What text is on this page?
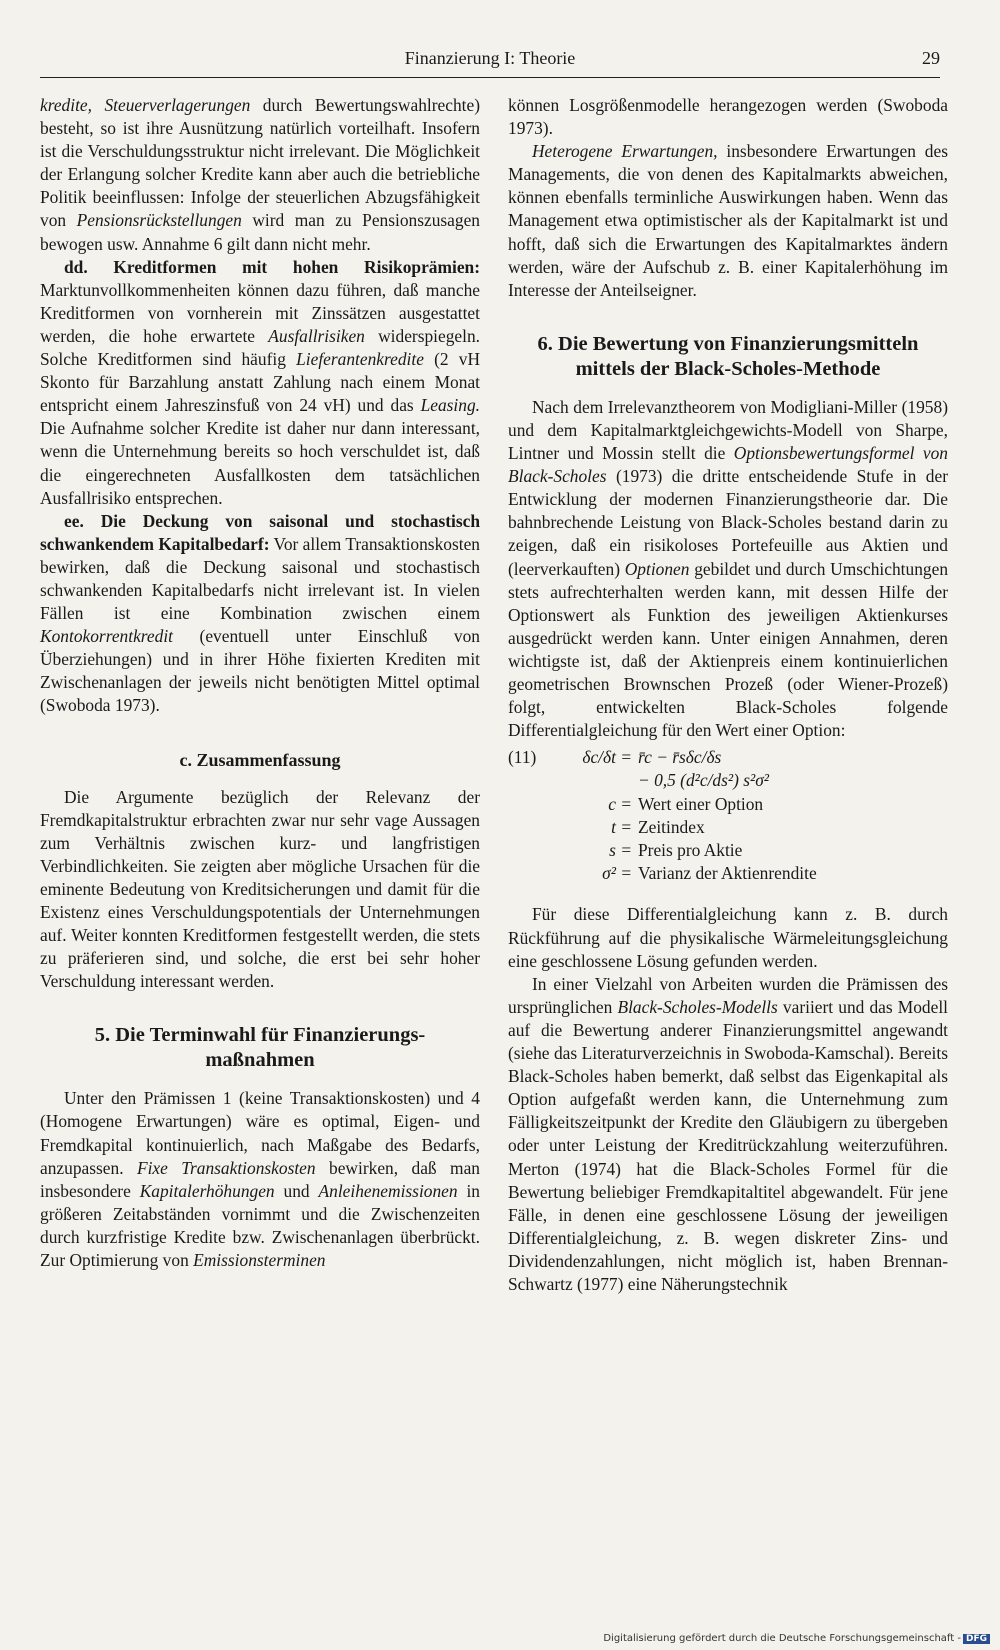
Finanzierung I: Theorie	29

kredite, Steuerverlagerungen durch Bewertungswahlrechte) besteht, so ist ihre Ausnützung natürlich vorteilhaft. Insofern ist die Verschuldungsstruktur nicht irrelevant. Die Möglichkeit der Erlangung solcher Kredite kann aber auch die betriebliche Politik beeinflussen: Infolge der steuerlichen Abzugsfähigkeit von Pensionsrückstellungen wird man zu Pensionszusagen bewogen usw. Annahme 6 gilt dann nicht mehr.

dd. Kreditformen mit hohen Risikoprämien: Marktunvollkommenheiten können dazu führen, daß manche Kreditformen von vornherein mit Zinssätzen ausgestattet werden, die hohe erwartete Ausfallrisiken widerspiegeln. Solche Kreditformen sind häufig Lieferantenkredite (2 vH Skonto für Barzahlung anstatt Zahlung nach einem Monat entspricht einem Jahreszinsfuß von 24 vH) und das Leasing. Die Aufnahme solcher Kredite ist daher nur dann interessant, wenn die Unternehmung bereits so hoch verschuldet ist, daß die eingerechneten Ausfallkosten dem tatsächlichen Ausfallrisiko entsprechen.

ee. Die Deckung von saisonal und stochastisch schwankendem Kapitalbedarf: Vor allem Transaktionskosten bewirken, daß die Deckung saisonal und stochastisch schwankenden Kapitalbedarfs nicht irrelevant ist. In vielen Fällen ist eine Kombination zwischen einem Kontokorrentkredit (eventuell unter Einschluß von Überziehungen) und in ihrer Höhe fixierten Krediten mit Zwischenanlagen der jeweils nicht benötigten Mittel optimal (Swoboda 1973).

c. Zusammenfassung

Die Argumente bezüglich der Relevanz der Fremdkapitalstruktur erbrachten zwar nur sehr vage Aussagen zum Verhältnis zwischen kurz- und langfristigen Verbindlichkeiten. Sie zeigten aber mögliche Ursachen für die eminente Bedeutung von Kreditsicherungen und damit für die Existenz eines Verschuldungspotentials der Unternehmungen auf. Weiter konnten Kreditformen festgestellt werden, die stets zu präferieren sind, und solche, die erst bei sehr hoher Verschuldung interessant werden.

5. Die Terminwahl für Finanzierungs-
maßnahmen

Unter den Prämissen 1 (keine Transaktionskosten) und 4 (Homogene Erwartungen) wäre es optimal, Eigen- und Fremdkapital kontinuierlich, nach Maßgabe des Bedarfs, anzupassen. Fixe Transaktionskosten bewirken, daß man insbesondere Kapitalerhöhungen und Anleihenemissionen in größeren Zeitabständen vornimmt und die Zwischenzeiten durch kurzfristige Kredite bzw. Zwischenanlagen überbrückt. Zur Optimierung von Emissionsterminen

können Losgrößenmodelle herangezogen werden (Swoboda 1973).

Heterogene Erwartungen, insbesondere Erwartungen des Managements, die von denen des Kapitalmarkts abweichen, können ebenfalls terminliche Auswirkungen haben. Wenn das Management etwa optimistischer als der Kapitalmarkt ist und hofft, daß sich die Erwartungen des Kapitalmarktes ändern werden, wäre der Aufschub z. B. einer Kapitalerhöhung im Interesse der Anteilseigner.

6. Die Bewertung von Finanzierungsmitteln
mittels der Black-Scholes-Methode

Nach dem Irrelevanztheorem von Modigliani-Miller (1958) und dem Kapitalmarktgleichgewichts-Modell von Sharpe, Lintner und Mossin stellt die Optionsbewertungsformel von Black-Scholes (1973) die dritte entscheidende Stufe in der Entwicklung der modernen Finanzierungstheorie dar. Die bahnbrechende Leistung von Black-Scholes bestand darin zu zeigen, daß ein risikoloses Portefeuille aus Aktien und (leerverkauften) Optionen gebildet und durch Umschichtungen stets aufrechterhalten werden kann, mit dessen Hilfe der Optionswert als Funktion des jeweiligen Aktienkurses ausgedrückt werden kann. Unter einigen Annahmen, deren wichtigste ist, daß der Aktienpreis einem kontinuierlichen geometrischen Brownschen Prozeß (oder Wiener-Prozeß) folgt, entwickelten Black-Scholes folgende Differentialgleichung für den Wert einer Option:

(11)	δc/δt =	r̄c − r̄sδc/δs
		− 0,5 (d²c/ds²) s²σ²
	c =	Wert einer Option
	t =	Zeitindex
	s =	Preis pro Aktie
	σ² =	Varianz der Aktienrendite

Für diese Differentialgleichung kann z. B. durch Rückführung auf die physikalische Wärmeleitungsgleichung eine geschlossene Lösung gefunden werden.

In einer Vielzahl von Arbeiten wurden die Prämissen des ursprünglichen Black-Scholes-Modells variiert und das Modell auf die Bewertung anderer Finanzierungsmittel angewandt (siehe das Literaturverzeichnis in Swoboda-Kamschal). Bereits Black-Scholes haben bemerkt, daß selbst das Eigenkapital als Option aufgefaßt werden kann, die Unternehmung zum Fälligkeitszeitpunkt der Kredite den Gläubigern zu übergeben oder unter Leistung der Kreditrückzahlung weiterzuführen. Merton (1974) hat die Black-Scholes Formel für die Bewertung beliebiger Fremdkapitaltitel abgewandelt. Für jene Fälle, in denen eine geschlossene Lösung der jeweiligen Differentialgleichung, z. B. wegen diskreter Zins- und Dividendenzahlungen, nicht möglich ist, haben Brennan-Schwartz (1977) eine Näherungstechnik

Digitalisierung gefördert durch die Deutsche Forschungsgemeinschaft - DFG
